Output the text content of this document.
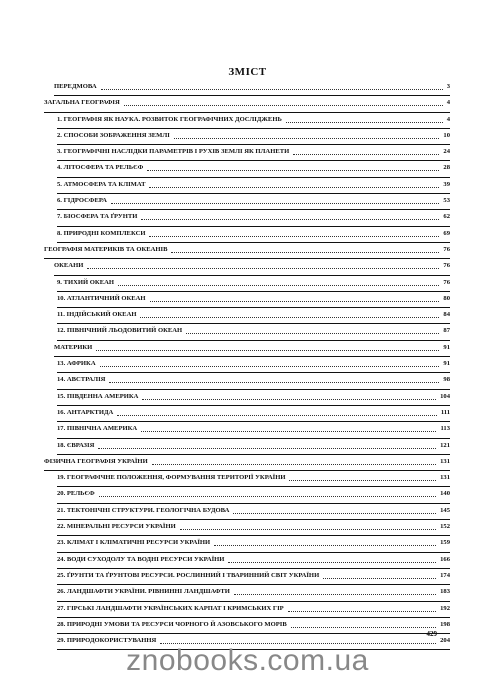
ЗМІСТ
ПЕРЕДМОВА	3
ЗАГАЛЬНА ГЕОГРАФІЯ	4
1. ГЕОГРАФІЯ ЯК НАУКА. РОЗВИТОК ГЕОГРАФІЧНИХ ДОСЛІДЖЕНЬ	4
2. СПОСОБИ ЗОБРАЖЕННЯ ЗЕМЛІ	10
3. ГЕОГРАФІЧНІ НАСЛІДКИ ПАРАМЕТРІВ І РУХІВ ЗЕМЛІ ЯК ПЛАНЕТИ	24
4. ЛІТОСФЕРА ТА РЕЛЬЄФ	28
5. АТМОСФЕРА ТА КЛІМАТ	39
6. ГІДРОСФЕРА	53
7. БІОСФЕРА ТА ҐРУНТИ	62
8. ПРИРОДНІ КОМПЛЕКСИ	69
ГЕОГРАФІЯ МАТЕРИКІВ ТА ОКЕАНІВ	76
ОКЕАНИ	76
9. ТИХИЙ ОКЕАН	76
10. АТЛАНТИЧНИЙ ОКЕАН	80
11. ІНДІЙСЬКИЙ ОКЕАН	84
12. ПІВНІЧНИЙ ЛЬОДОВИТИЙ ОКЕАН	87
МАТЕРИКИ	91
13. АФРИКА	91
14. АВСТРАЛІЯ	98
15. ПІВДЕННА АМЕРИКА	104
16. АНТАРКТИДА	111
17. ПІВНІЧНА АМЕРИКА	113
18. ЄВРАЗІЯ	121
ФІЗИЧНА ГЕОГРАФІЯ УКРАЇНИ	131
19. ГЕОГРАФІЧНЕ ПОЛОЖЕННЯ, ФОРМУВАННЯ ТЕРИТОРІЇ УКРАЇНИ	131
20. РЕЛЬЄФ	140
21. ТЕКТОНІЧНІ СТРУКТУРИ. ГЕОЛОГІЧНА БУДОВА	145
22. МІНЕРАЛЬНІ РЕСУРСИ УКРАЇНИ	152
23. КЛІМАТ І КЛІМАТИЧНІ РЕСУРСИ УКРАЇНИ	159
24. ВОДИ СУХОДОЛУ ТА ВОДНІ РЕСУРСИ УКРАЇНИ	166
25. ҐРУНТИ ТА ҐРУНТОВІ РЕСУРСИ. РОСЛИННИЙ І ТВАРИННИЙ СВІТ УКРАЇНИ	174
26. ЛАНДШАФТИ УКРАЇНИ. РІВНИННІ ЛАНДШАФТИ	183
27. ГІРСЬКІ ЛАНДШАФТИ УКРАЇНСЬКИХ КАРПАТ І КРИМСЬКИХ ГІР	192
28. ПРИРОДНІ УМОВИ ТА РЕСУРСИ ЧОРНОГО Й АЗОВСЬКОГО МОРІВ	198
29. ПРИРОДОКОРИСТУВАННЯ	204
429
znobooks.com.ua
